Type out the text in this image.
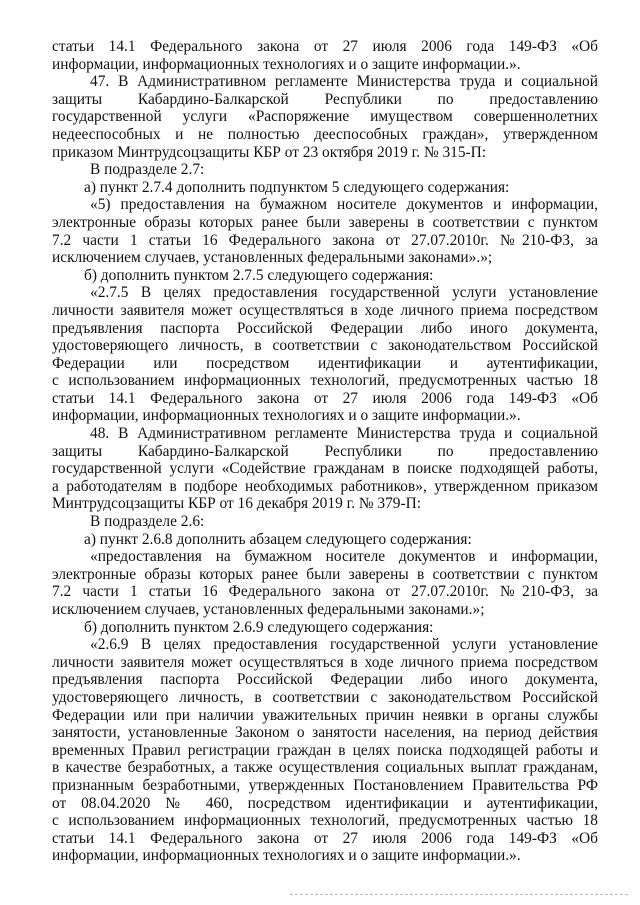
статьи 14.1 Федерального закона от 27 июля 2006 года 149-ФЗ «Об
информации, информационных технологиях и о защите информации.».
47. В Административном регламенте Министерства труда и социальной
защиты Кабардино-Балкарской Республики по предоставлению
государственной услуги «Распоряжение имуществом совершеннолетних
недееспособных и не полностью дееспособных граждан», утвержденном
приказом Минтрудсоцзащиты КБР от 23 октября 2019 г. № 315-П:
В подразделе 2.7:
а) пункт 2.7.4 дополнить подпунктом 5 следующего содержания:
«5) предоставления на бумажном носителе документов и информации,
электронные образы которых ранее были заверены в соответствии с пунктом
7.2 части 1 статьи 16 Федерального закона от 27.07.2010г. №210-ФЗ, за
исключением случаев, установленных федеральными законами».»;
б) дополнить пунктом 2.7.5 следующего содержания:
«2.7.5 В целях предоставления государственной услуги установление
личности заявителя может осуществляться в ходе личного приема посредством
предъявления паспорта Российской Федерации либо иного документа,
удостоверяющего личность, в соответствии с законодательством Российской
Федерации или посредством идентификации и аутентификации,
с использованием информационных технологий, предусмотренных частью 18
статьи 14.1 Федерального закона от 27 июля 2006 года 149-ФЗ «Об
информации, информационных технологиях и о защите информации.».
48. В Административном регламенте Министерства труда и социальной
защиты Кабардино-Балкарской Республики по предоставлению
государственной услуги «Содействие гражданам в поиске подходящей работы,
а работодателям в подборе необходимых работников», утвержденном приказом
Минтрудсоцзащиты КБР от 16 декабря 2019 г. № 379-П:
В подразделе 2.6:
а) пункт 2.6.8 дополнить абзацем следующего содержания:
«предоставления на бумажном носителе документов и информации,
электронные образы которых ранее были заверены в соответствии с пунктом
7.2 части 1 статьи 16 Федерального закона от 27.07.2010г. №210-ФЗ, за
исключением случаев, установленных федеральными законами.»;
б) дополнить пунктом 2.6.9 следующего содержания:
«2.6.9 В целях предоставления государственной услуги установление
личности заявителя может осуществляться в ходе личного приема посредством
предъявления паспорта Российской Федерации либо иного документа,
удостоверяющего личность, в соответствии с законодательством Российской
Федерации или при наличии уважительных причин неявки в органы службы
занятости, установленные Законом о занятости населения, на период действия
временных Правил регистрации граждан в целях поиска подходящей работы и
в качестве безработных, а также осуществления социальных выплат гражданам,
признанным безработными, утвержденных Постановлением Правительства РФ
от 08.04.2020 № 460, посредством идентификации и аутентификации,
с использованием информационных технологий, предусмотренных частью 18
статьи 14.1 Федерального закона от 27 июля 2006 года 149-ФЗ «Об
информации, информационных технологиях и о защите информации.».
